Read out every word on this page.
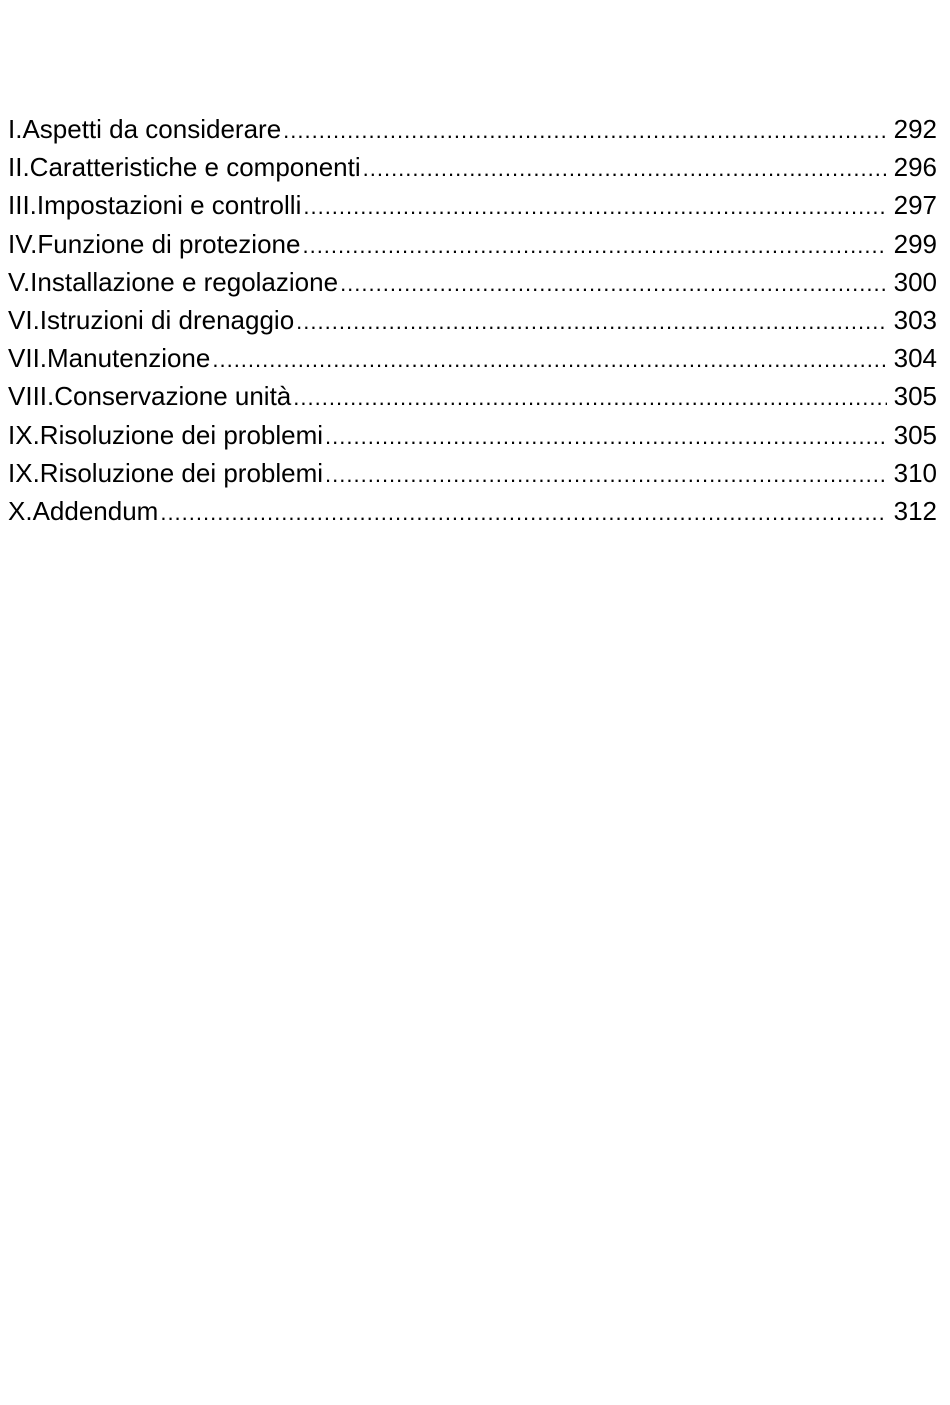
I.Aspetti da considerare .....	292
II.Caratteristiche e componenti .....	296
III.Impostazioni e controlli .....	297
IV.Funzione di protezione .....	299
V.Installazione e regolazione .....	300
VI.Istruzioni di drenaggio .....	303
VII.Manutenzione .....	304
VIII.Conservazione unità .....	305
IX.Risoluzione dei problemi .....	305
IX.Risoluzione dei problemi .....	310
X.Addendum .....	312
